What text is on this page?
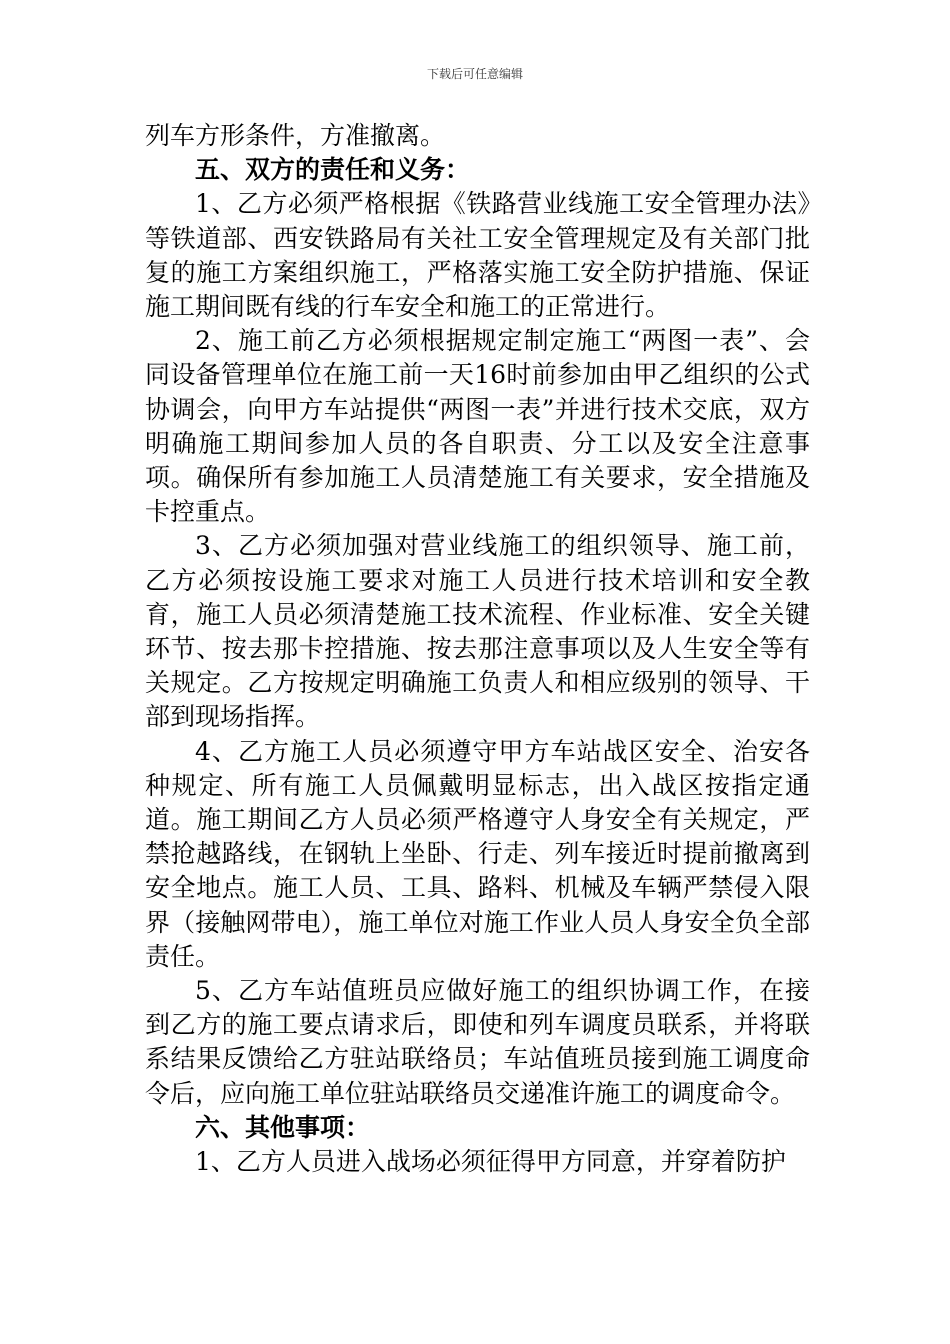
下载后可任意编辑

列车方形条件，方准撤离。

五、双方的责任和义务：

1、乙方必须严格根据《铁路营业线施工安全管理办法》等铁道部、西安铁路局有关社工安全管理规定及有关部门批复的施工方案组织施工，严格落实施工安全防护措施、保证施工期间既有线的行车安全和施工的正常进行。

2、施工前乙方必须根据规定制定施工“两图一表”、会同设备管理单位在施工前一天16时前参加由甲乙组织的公式协调会，向甲方车站提供“两图一表”并进行技术交底，双方明确施工期间参加人员的各自职责、分工以及安全注意事项。确保所有参加施工人员清楚施工有关要求，安全措施及卡控重点。

3、乙方必须加强对营业线施工的组织领导、施工前，乙方必须按设施工要求对施工人员进行技术培训和安全教育，施工人员必须清楚施工技术流程、作业标准、安全关键环节、按去那卡控措施、按去那注意事项以及人生安全等有关规定。乙方按规定明确施工负责人和相应级别的领导、干部到现场指挥。

4、乙方施工人员必须遵守甲方车站战区安全、治安各种规定、所有施工人员佩戴明显标志，出入战区按指定通道。施工期间乙方人员必须严格遵守人身安全有关规定，严禁抢越路线，在钢轨上坐卧、行走、列车接近时提前撤离到安全地点。施工人员、工具、路料、机械及车辆严禁侵入限界（接触网带电），施工单位对施工作业人员人身安全负全部责任。

5、乙方车站值班员应做好施工的组织协调工作，在接到乙方的施工要点请求后，即使和列车调度员联系，并将联系结果反馈给乙方驻站联络员；车站值班员接到施工调度命令后，应向施工单位驻站联络员交递准许施工的调度命令。

六、其他事项：

1、乙方人员进入战场必须征得甲方同意，并穿着防护
